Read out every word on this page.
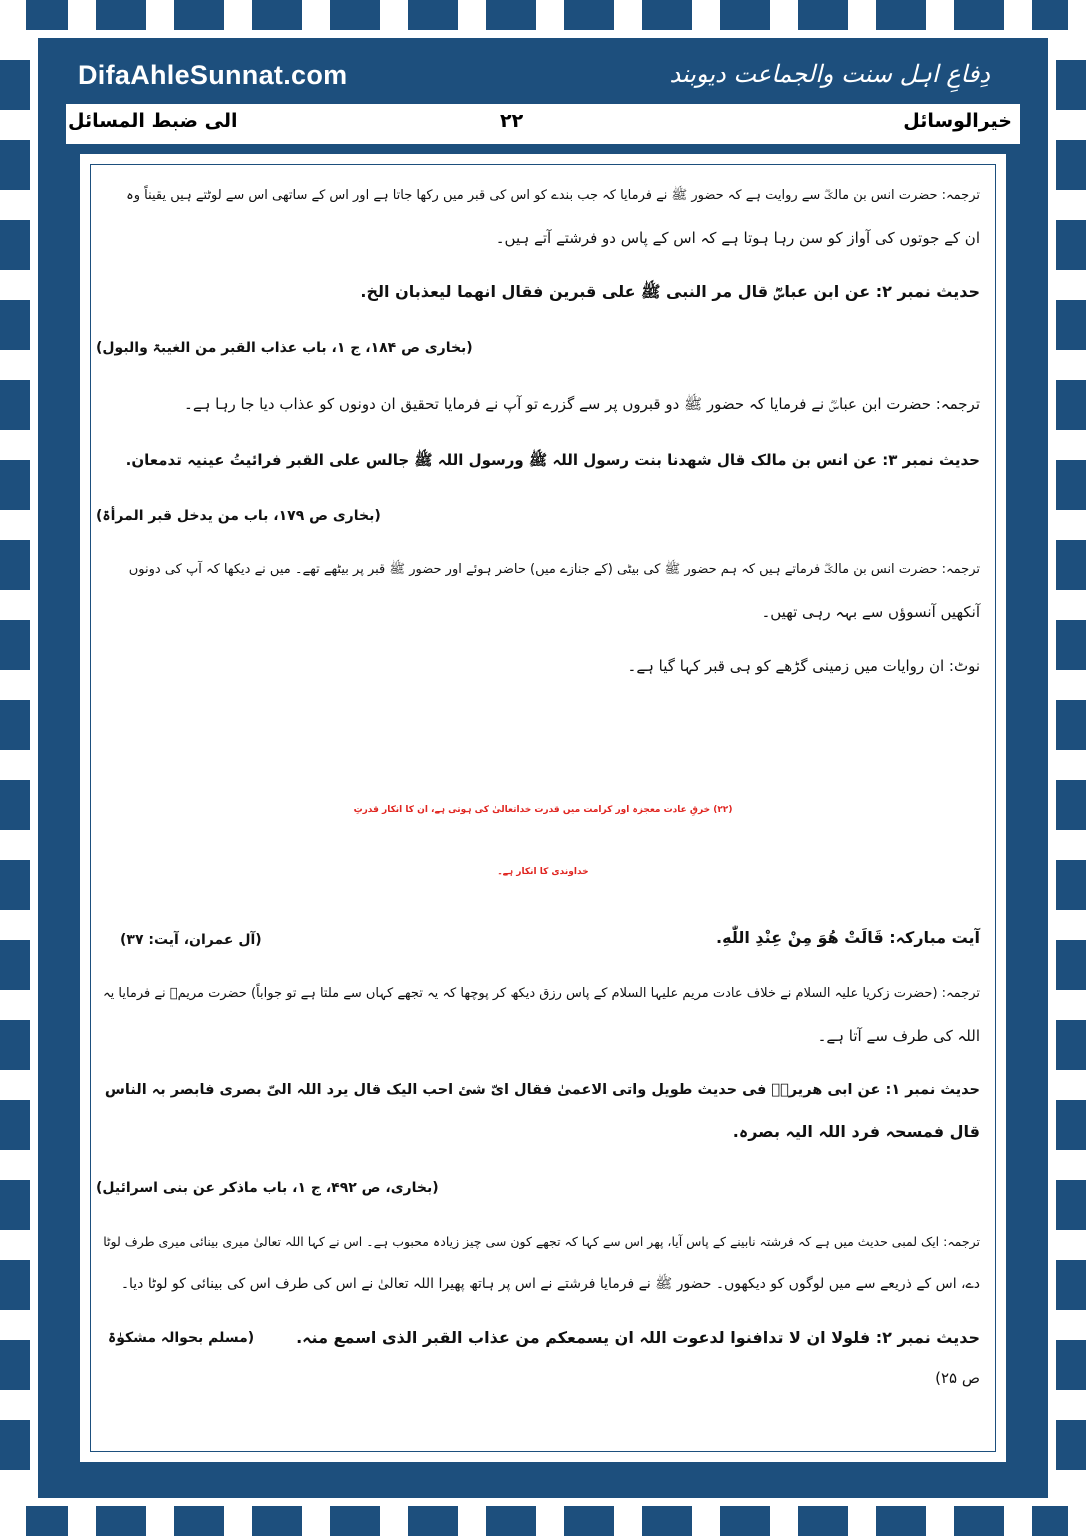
DifaAhleSunnat.com	دِفاعِ اہل سنت والجماعت دیوبند
الی ضبط المسائل	۲۲	خیرالوسائل
ترجمہ: حضرت انس بن مالکؓ سے روایت ہے کہ حضور ﷺ نے فرمایا کہ جب بندے کو اس کی قبر میں رکھا جاتا ہے اور اس کے ساتھی اس سے لوٹتے ہیں یقیناً وہ
ان کے جوتوں کی آواز کو سن رہا ہوتا ہے کہ اس کے پاس دو فرشتے آتے ہیں۔
حدیث نمبر ۲: عن ابن عباسؓ قال مر النبی ﷺ علی قبرین فقال انھما لیعذبان الخ.
(بخاری ص ۱۸۴، ج ۱، باب عذاب القبر من الغیبۃ والبول)
ترجمہ: حضرت ابن عباسؓ نے فرمایا کہ حضور ﷺ دو قبروں پر سے گزرے تو آپ نے فرمایا تحقیق ان دونوں کو عذاب دیا جا رہا ہے۔
حدیث نمبر ۳: عن انس بن مالک قال شھدنا بنت رسول اللہ ﷺ ورسول اللہ ﷺ جالس علی القبر فرائیتُ عینیہ تدمعان.
(بخاری ص ۱۷۹، باب من یدخل قبر المرأۃ)
ترجمہ: حضرت انس بن مالکؓ فرماتے ہیں کہ ہم حضور ﷺ کی بیٹی (کے جنازے میں) حاضر ہوئے اور حضور ﷺ قبر پر بیٹھے تھے۔ میں نے دیکھا کہ آپ کی دونوں
آنکھیں آنسوؤں سے بہہ رہی تھیں۔
نوٹ: ان روایات میں زمینی گڑھے کو ہی قبر کہا گیا ہے۔
(۲۲) خرقِ عادت معجزہ اور کرامت میں قدرت خداتعالیٰ کی ہوتی ہے، ان کا انکار قدرتِ
خداوندی کا انکار ہے۔
آیت مبارکہ: قَالَتْ هُوَ مِنْ عِنْدِ اللّٰهِ.
(آل عمران، آیت: ۳۷)
ترجمہ: (حضرت زکریا علیہ السلام نے خلاف عادت مریم علیہا السلام کے پاس رزق دیکھ کر پوچھا کہ یہ تجھے کہاں سے ملتا ہے تو جواباً) حضرت مریمؑ نے فرمایا یہ
اللہ کی طرف سے آتا ہے۔
حدیث نمبر ۱: عن ابی ھریرۃؓ فی حدیث طویل واتی الاعمیٰ فقال ایّ شئ احب الیک قال یرد اللہ الیّ بصری فابصر بہ الناس
قال فمسحہ فرد اللہ الیہ بصرہ.
(بخاری، ص ۴۹۲، ج ۱، باب ماذکر عن بنی اسرائیل)
ترجمہ: ایک لمبی حدیث میں ہے کہ فرشتہ نابینے کے پاس آیا، پھر اس سے کہا کہ تجھے کون سی چیز زیادہ محبوب ہے۔ اس نے کہا اللہ تعالیٰ میری بینائی میری طرف لوٹا
دے، اس کے ذریعے سے میں لوگوں کو دیکھوں۔ حضور ﷺ نے فرمایا فرشتے نے اس پر ہاتھ پھیرا اللہ تعالیٰ نے اس کی طرف اس کی بینائی کو لوٹا دیا۔
حدیث نمبر ۲: فلولا ان لا تدافنوا لدعوت اللہ ان یسمعکم من عذاب القبر الذی اسمع منہ.
(مسلم بحوالہ مشکوٰۃ
ص ۲۵)
